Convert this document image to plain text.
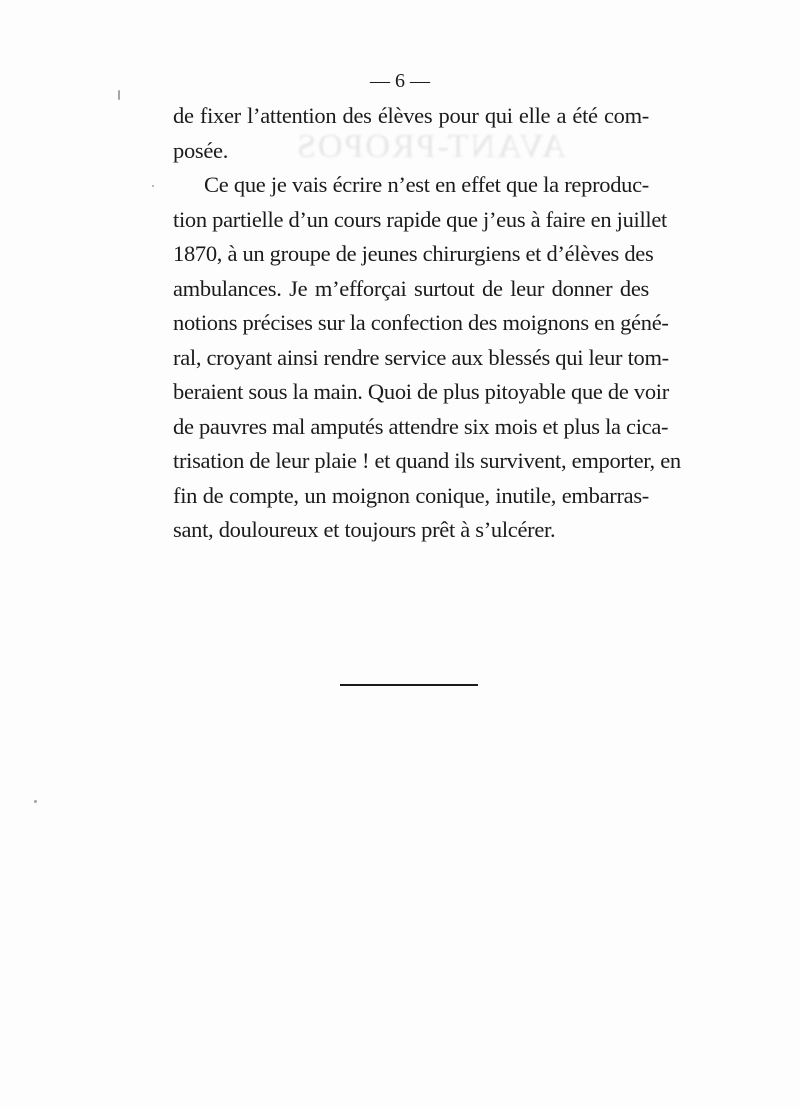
AVANT-PROPOS
— 6 —
de fixer l’attention des élèves pour qui elle a été com-
posée.
Ce que je vais écrire n’est en effet que la reproduc-
tion partielle d’un cours rapide que j’eus à faire en juillet
1870, à un groupe de jeunes chirurgiens et d’élèves des
ambulances. Je m’efforçai surtout de leur donner des
notions précises sur la confection des moignons en géné-
ral, croyant ainsi rendre service aux blessés qui leur tom-
beraient sous la main. Quoi de plus pitoyable que de voir
de pauvres mal amputés attendre six mois et plus la cica-
trisation de leur plaie ! et quand ils survivent, emporter, en
fin de compte, un moignon conique, inutile, embarras-
sant, douloureux et toujours prêt à s’ulcérer.
